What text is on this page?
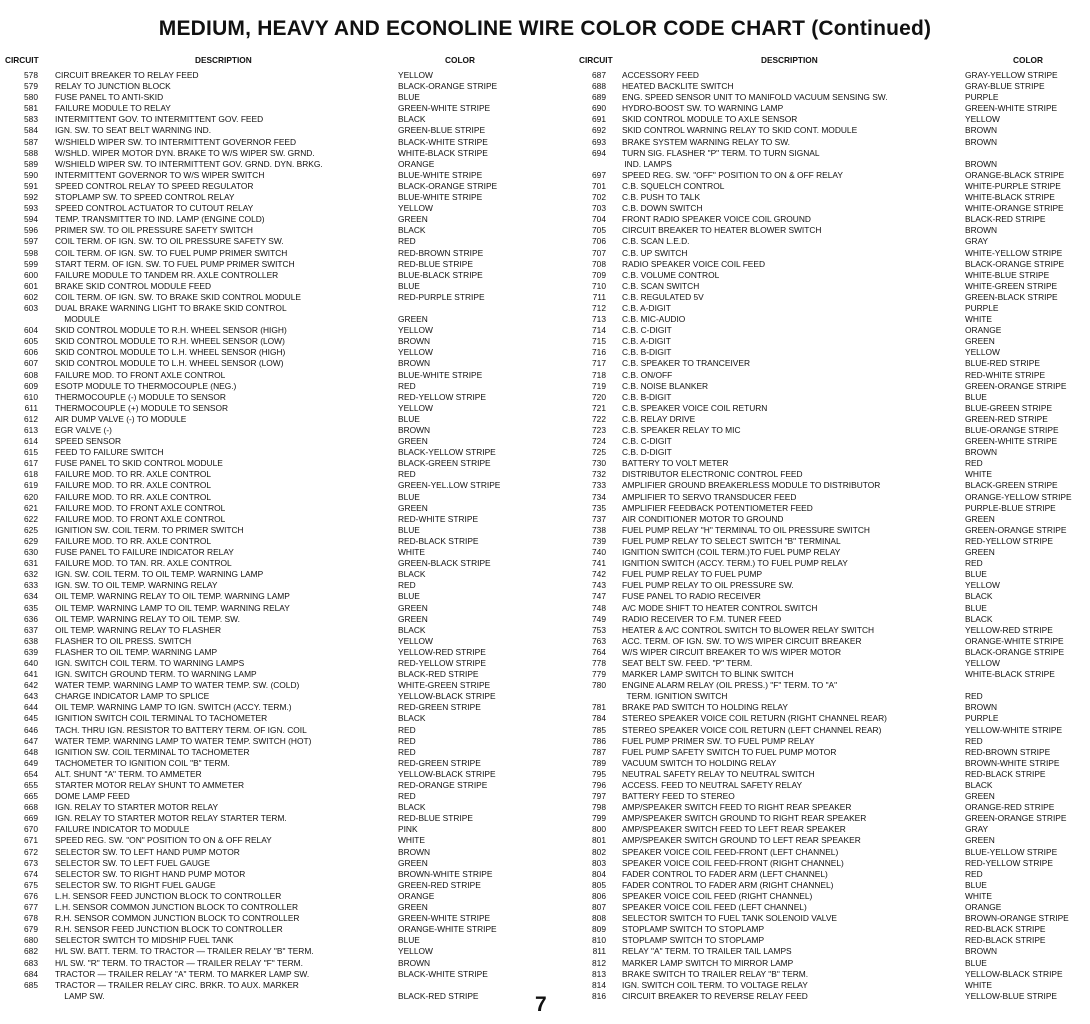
MEDIUM, HEAVY AND ECONOLINE WIRE COLOR CODE CHART (Continued)
CIRCUIT	DESCRIPTION	COLOR
578 CIRCUIT BREAKER TO RELAY FEED	YELLOW
579 RELAY TO JUNCTION BLOCK	BLACK-ORANGE STRIPE
580 FUSE PANEL TO ANTI-SKID	BLUE
581 FAILURE MODULE TO RELAY	GREEN-WHITE STRIPE
583 INTERMITTENT GOV. TO INTERMITTENT GOV. FEED	BLACK
584 IGN. SW. TO SEAT BELT WARNING IND.	GREEN-BLUE STRIPE
587 W/SHIELD WIPER SW. TO INTERMITTENT GOVERNOR FEED	BLACK-WHITE STRIPE
588 W/SHLD. WIPER MOTOR DYN. BRAKE TO W/S WIPER SW. GRND.	WHITE-BLACK STRIPE
589 W/SHIELD WIPER SW. TO INTERMITTENT GOV. GRND. DYN. BRKG.	ORANGE
590 INTERMITTENT GOVERNOR TO W/S WIPER SWITCH	BLUE-WHITE STRIPE
591 SPEED CONTROL RELAY TO SPEED REGULATOR	BLACK-ORANGE STRIPE
592 STOPLAMP SW. TO SPEED CONTROL RELAY	BLUE-WHITE STRIPE
593 SPEED CONTROL ACTUATOR TO CUTOUT RELAY	YELLOW
594 TEMP. TRANSMITTER TO IND. LAMP (ENGINE COLD)	GREEN
596 PRIMER SW. TO OIL PRESSURE SAFETY SWITCH	BLACK
597 COIL TERM. OF IGN. SW. TO OIL PRESSURE SAFETY SW.	RED
598 COIL TERM. OF IGN. SW. TO FUEL PUMP PRIMER SWITCH	RED-BROWN STRIPE
599 START TERM. OF IGN. SW. TO FUEL PUMP PRIMER SWITCH	RED-BLUE STRIPE
600 FAILURE MODULE TO TANDEM RR. AXLE CONTROLLER	BLUE-BLACK STRIPE
601 BRAKE SKID CONTROL MODULE FEED	BLUE
602 COIL TERM. OF IGN. SW. TO BRAKE SKID CONTROL MODULE	RED-PURPLE STRIPE
603 DUAL BRAKE WARNING LIGHT TO BRAKE SKID CONTROL
MODULE	GREEN
604 SKID CONTROL MODULE TO R.H. WHEEL SENSOR (HIGH)	YELLOW
605 SKID CONTROL MODULE TO R.H. WHEEL SENSOR (LOW)	BROWN
606 SKID CONTROL MODULE TO L.H. WHEEL SENSOR (HIGH)	YELLOW
607 SKID CONTROL MODULE TO L.H. WHEEL SENSOR (LOW)	BROWN
608 FAILURE MOD. TO FRONT AXLE CONTROL	BLUE-WHITE STRIPE
609 ESOTP MODULE TO THERMOCOUPLE (NEG.)	RED
610 THERMOCOUPLE (-) MODULE TO SENSOR	RED-YELLOW STRIPE
611 THERMOCOUPLE (+) MODULE TO SENSOR	YELLOW
612 AIR DUMP VALVE (-) TO MODULE	BLUE
613 EGR VALVE (-)	BROWN
614 SPEED SENSOR	GREEN
615 FEED TO FAILURE SWITCH	BLACK-YELLOW STRIPE
617 FUSE PANEL TO SKID CONTROL MODULE	BLACK-GREEN STRIPE
618 FAILURE MOD. TO RR. AXLE CONTROL	RED
619 FAILURE MOD. TO RR. AXLE CONTROL	GREEN-YEL.LOW STRIPE
620 FAILURE MOD. TO RR. AXLE CONTROL	BLUE
621 FAILURE MOD. TO FRONT AXLE CONTROL	GREEN
622 FAILURE MOD. TO FRONT AXLE CONTROL	RED-WHITE STRIPE
625 IGNITION SW. COIL TERM. TO PRIMER SWITCH	BLUE
629 FAILURE MOD. TO RR. AXLE CONTROL	RED-BLACK STRIPE
630 FUSE PANEL TO FAILURE INDICATOR RELAY	WHITE
631 FAILURE MOD. TO TAN. RR. AXLE CONTROL	GREEN-BLACK STRIPE
632 IGN. SW. COIL TERM. TO OIL TEMP. WARNING LAMP	BLACK
633 IGN. SW. TO OIL TEMP. WARNING RELAY	RED
634 OIL TEMP. WARNING RELAY TO OIL TEMP. WARNING LAMP	BLUE
635 OIL TEMP. WARNING LAMP TO OIL TEMP. WARNING RELAY	GREEN
636 OIL TEMP. WARNING RELAY TO OIL TEMP. SW.	GREEN
637 OIL TEMP. WARNING RELAY TO FLASHER	BLACK
638 FLASHER TO OIL PRESS. SWITCH	YELLOW
639 FLASHER TO OIL TEMP. WARNING LAMP	YELLOW-RED STRIPE
640 IGN. SWITCH COIL TERM. TO WARNING LAMPS	RED-YELLOW STRIPE
641 IGN. SWITCH GROUND TERM. TO WARNING LAMP	BLACK-RED STRIPE
642 WATER TEMP. WARNING LAMP TO WATER TEMP. SW. (COLD)	WHITE-GREEN STRIPE
643 CHARGE INDICATOR LAMP TO SPLICE	YELLOW-BLACK STRIPE
644 OIL TEMP. WARNING LAMP TO IGN. SWITCH (ACCY. TERM.)	RED-GREEN STRIPE
645 IGNITION SWITCH COIL TERMINAL TO TACHOMETER	BLACK
646 TACH. THRU IGN. RESISTOR TO BATTERY TERM. OF IGN. COIL	RED
647 WATER TEMP. WARNING LAMP TO WATER TEMP. SWITCH (HOT)	RED
648 IGNITION SW. COIL TERMINAL TO TACHOMETER	RED
649 TACHOMETER TO IGNITION COIL "B" TERM.	RED-GREEN STRIPE
654 ALT. SHUNT "A" TERM. TO AMMETER	YELLOW-BLACK STRIPE
655 STARTER MOTOR RELAY SHUNT TO AMMETER	RED-ORANGE STRIPE
665 DOME LAMP FEED	RED
668 IGN. RELAY TO STARTER MOTOR RELAY	BLACK
669 IGN. RELAY TO STARTER MOTOR RELAY STARTER TERM.	RED-BLUE STRIPE
670 FAILURE INDICATOR TO MODULE	PINK
671 SPEED REG. SW. "ON" POSITION TO ON & OFF RELAY	WHITE
672 SELECTOR SW. TO LEFT HAND PUMP MOTOR	BROWN
673 SELECTOR SW. TO LEFT FUEL GAUGE	GREEN
674 SELECTOR SW. TO RIGHT HAND PUMP MOTOR	BROWN-WHITE STRIPE
675 SELECTOR SW. TO RIGHT FUEL GAUGE	GREEN-RED STRIPE
676 L.H. SENSOR FEED JUNCTION BLOCK TO CONTROLLER	ORANGE
677 L.H. SENSOR COMMON JUNCTION BLOCK TO CONTROLLER	GREEN
678 R.H. SENSOR COMMON JUNCTION BLOCK TO CONTROLLER	GREEN-WHITE STRIPE
679 R.H. SENSOR FEED JUNCTION BLOCK TO CONTROLLER	ORANGE-WHITE STRIPE
680 SELECTOR SWITCH TO MIDSHIP FUEL TANK	BLUE
682 H/L SW. BATT. TERM. TO TRACTOR — TRAILER RELAY "B" TERM.	YELLOW
683 H/L SW. "R" TERM. TO TRACTOR — TRAILER RELAY "F" TERM.	BROWN
684 TRACTOR — TRAILER RELAY "A" TERM. TO MARKER LAMP SW.	BLACK-WHITE STRIPE
685 TRACTOR — TRAILER RELAY CIRC. BRKR. TO AUX. MARKER
LAMP SW.	BLACK-RED STRIPE
CIRCUIT	DESCRIPTION	COLOR
687 ACCESSORY FEED	GRAY-YELLOW STRIPE
688 HEATED BACKLITE SWITCH	GRAY-BLUE STRIPE
689 ENG. SPEED SENSOR UNIT TO MANIFOLD VACUUM SENSING SW.	PURPLE
690 HYDRO-BOOST SW. TO WARNING LAMP	GREEN-WHITE STRIPE
691 SKID CONTROL MODULE TO AXLE SENSOR	YELLOW
692 SKID CONTROL WARNING RELAY TO SKID CONT. MODULE	BROWN
693 BRAKE SYSTEM WARNING RELAY TO SW.	BROWN
694 TURN SIG. FLASHER "P" TERM. TO TURN SIGNAL
IND. LAMPS	BROWN
697 SPEED REG. SW. "OFF" POSITION TO ON & OFF RELAY	ORANGE-BLACK STRIPE
701 C.B. SQUELCH CONTROL	WHITE-PURPLE STRIPE
702 C.B. PUSH TO TALK	WHITE-BLACK STRIPE
703 C.B. DOWN SWITCH	WHITE-ORANGE STRIPE
704 FRONT RADIO SPEAKER VOICE COIL GROUND	BLACK-RED STRIPE
705 CIRCUIT BREAKER TO HEATER BLOWER SWITCH	BROWN
706 C.B. SCAN L.E.D.	GRAY
707 C.B. UP SWITCH	WHITE-YELLOW STRIPE
708 RADIO SPEAKER VOICE COIL FEED	BLACK-ORANGE STRIPE
709 C.B. VOLUME CONTROL	WHITE-BLUE STRIPE
710 C.B. SCAN SWITCH	WHITE-GREEN STRIPE
711 C.B. REGULATED 5V	GREEN-BLACK STRIPE
712 C.B. A-DIGIT	PURPLE
713 C.B. MIC-AUDIO	WHITE
714 C.B. C-DIGIT	ORANGE
715 C.B. A-DIGIT	GREEN
716 C.B. B-DIGIT	YELLOW
717 C.B. SPEAKER TO TRANCEIVER	BLUE-RED STRIPE
718 C.B. ON/OFF	RED-WHITE STRIPE
719 C.B. NOISE BLANKER	GREEN-ORANGE STRIPE
720 C.B. B-DIGIT	BLUE
721 C.B. SPEAKER VOICE COIL RETURN	BLUE-GREEN STRIPE
722 C.B. RELAY DRIVE	GREEN-RED STRIPE
723 C.B. SPEAKER RELAY TO MIC	BLUE-ORANGE STRIPE
724 C.B. C-DIGIT	GREEN-WHITE STRIPE
725 C.B. D-DIGIT	BROWN
730 BATTERY TO VOLT METER	RED
732 DISTRIBUTOR ELECTRONIC CONTROL FEED	WHITE
733 AMPLIFIER GROUND BREAKERLESS MODULE TO DISTRIBUTOR	BLACK-GREEN STRIPE
734 AMPLIFIER TO SERVO TRANSDUCER FEED	ORANGE-YELLOW STRIPE
735 AMPLIFIER FEEDBACK POTENTIOMETER FEED	PURPLE-BLUE STRIPE
737 AIR CONDITIONER MOTOR TO GROUND	GREEN
738 FUEL PUMP RELAY "H" TERMINAL TO OIL PRESSURE SWITCH	GREEN-ORANGE STRIPE
739 FUEL PUMP RELAY TO SELECT SWITCH "B" TERMINAL	RED-YELLOW STRIPE
740 IGNITION SWITCH (COIL TERM.)TO FUEL PUMP RELAY	GREEN
741 IGNITION SWITCH (ACCY. TERM.) TO FUEL PUMP RELAY	RED
742 FUEL PUMP RELAY TO FUEL PUMP	BLUE
743 FUEL PUMP RELAY TO OIL PRESSURE SW.	YELLOW
747 FUSE PANEL TO RADIO RECEIVER	BLACK
748 A/C MODE SHIFT TO HEATER CONTROL SWITCH	BLUE
749 RADIO RECEIVER TO F.M. TUNER FEED	BLACK
753 HEATER & A/C CONTROL SWITCH TO BLOWER RELAY SWITCH	YELLOW-RED STRIPE
763 ACC. TERM. OF IGN. SW. TO W/S WIPER CIRCUIT BREAKER	ORANGE-WHITE STRIPE
764 W/S WIPER CIRCUIT BREAKER TO W/S WIPER MOTOR	BLACK-ORANGE STRIPE
778 SEAT BELT SW. FEED. "P" TERM.	YELLOW
779 MARKER LAMP SWITCH TO BLINK SWITCH	WHITE-BLACK STRIPE
780 ENGINE ALARM RELAY (OIL PRESS.) "F" TERM. TO "A"
TERM. IGNITION SWITCH	RED
781 BRAKE PAD SWITCH TO HOLDING RELAY	BROWN
784 STEREO SPEAKER VOICE COIL RETURN (RIGHT CHANNEL REAR)	PURPLE
785 STEREO SPEAKER VOICE COIL RETURN (LEFT CHANNEL REAR)	YELLOW-WHITE STRIPE
786 FUEL PUMP PRIMER SW. TO FUEL PUMP RELAY	RED
787 FUEL PUMP SAFETY SWITCH TO FUEL PUMP MOTOR	RED-BROWN STRIPE
789 VACUUM SWITCH TO HOLDING RELAY	BROWN-WHITE STRIPE
795 NEUTRAL SAFETY RELAY TO NEUTRAL SWITCH	RED-BLACK STRIPE
796 ACCESS. FEED TO NEUTRAL SAFETY RELAY	BLACK
797 BATTERY FEED TO STEREO	GREEN
798 AMP/SPEAKER SWITCH FEED TO RIGHT REAR SPEAKER	ORANGE-RED STRIPE
799 AMP/SPEAKER SWITCH GROUND TO RIGHT REAR SPEAKER	GREEN-ORANGE STRIPE
800 AMP/SPEAKER SWITCH FEED TO LEFT REAR SPEAKER	GRAY
801 AMP/SPEAKER SWITCH GROUND TO LEFT REAR SPEAKER	GREEN
802 SPEAKER VOICE COIL FEED-FRONT (LEFT CHANNEL)	BLUE-YELLOW STRIPE
803 SPEAKER VOICE COIL FEED-FRONT (RIGHT CHANNEL)	RED-YELLOW STRIPE
804 FADER CONTROL TO FADER ARM (LEFT CHANNEL)	RED
805 FADER CONTROL TO FADER ARM (RIGHT CHANNEL)	BLUE
806 SPEAKER VOICE COIL FEED (RIGHT CHANNEL)	WHITE
807 SPEAKER VOICE COIL FEED (LEFT CHANNEL)	ORANGE
808 SELECTOR SWITCH TO FUEL TANK SOLENOID VALVE	BROWN-ORANGE STRIPE
809 STOPLAMP SWITCH TO STOPLAMP	RED-BLACK STRIPE
810 STOPLAMP SWITCH TO STOPLAMP	RED-BLACK STRIPE
811 RELAY "A" TERM. TO TRAILER TAIL LAMPS	BROWN
812 MARKER LAMP SWITCH TO MIRROR LAMP	BLUE
813 BRAKE SWITCH TO TRAILER RELAY "B" TERM.	YELLOW-BLACK STRIPE
814 IGN. SWITCH COIL TERM. TO VOLTAGE RELAY	WHITE
816 CIRCUIT BREAKER TO REVERSE RELAY FEED	YELLOW-BLUE STRIPE
7
